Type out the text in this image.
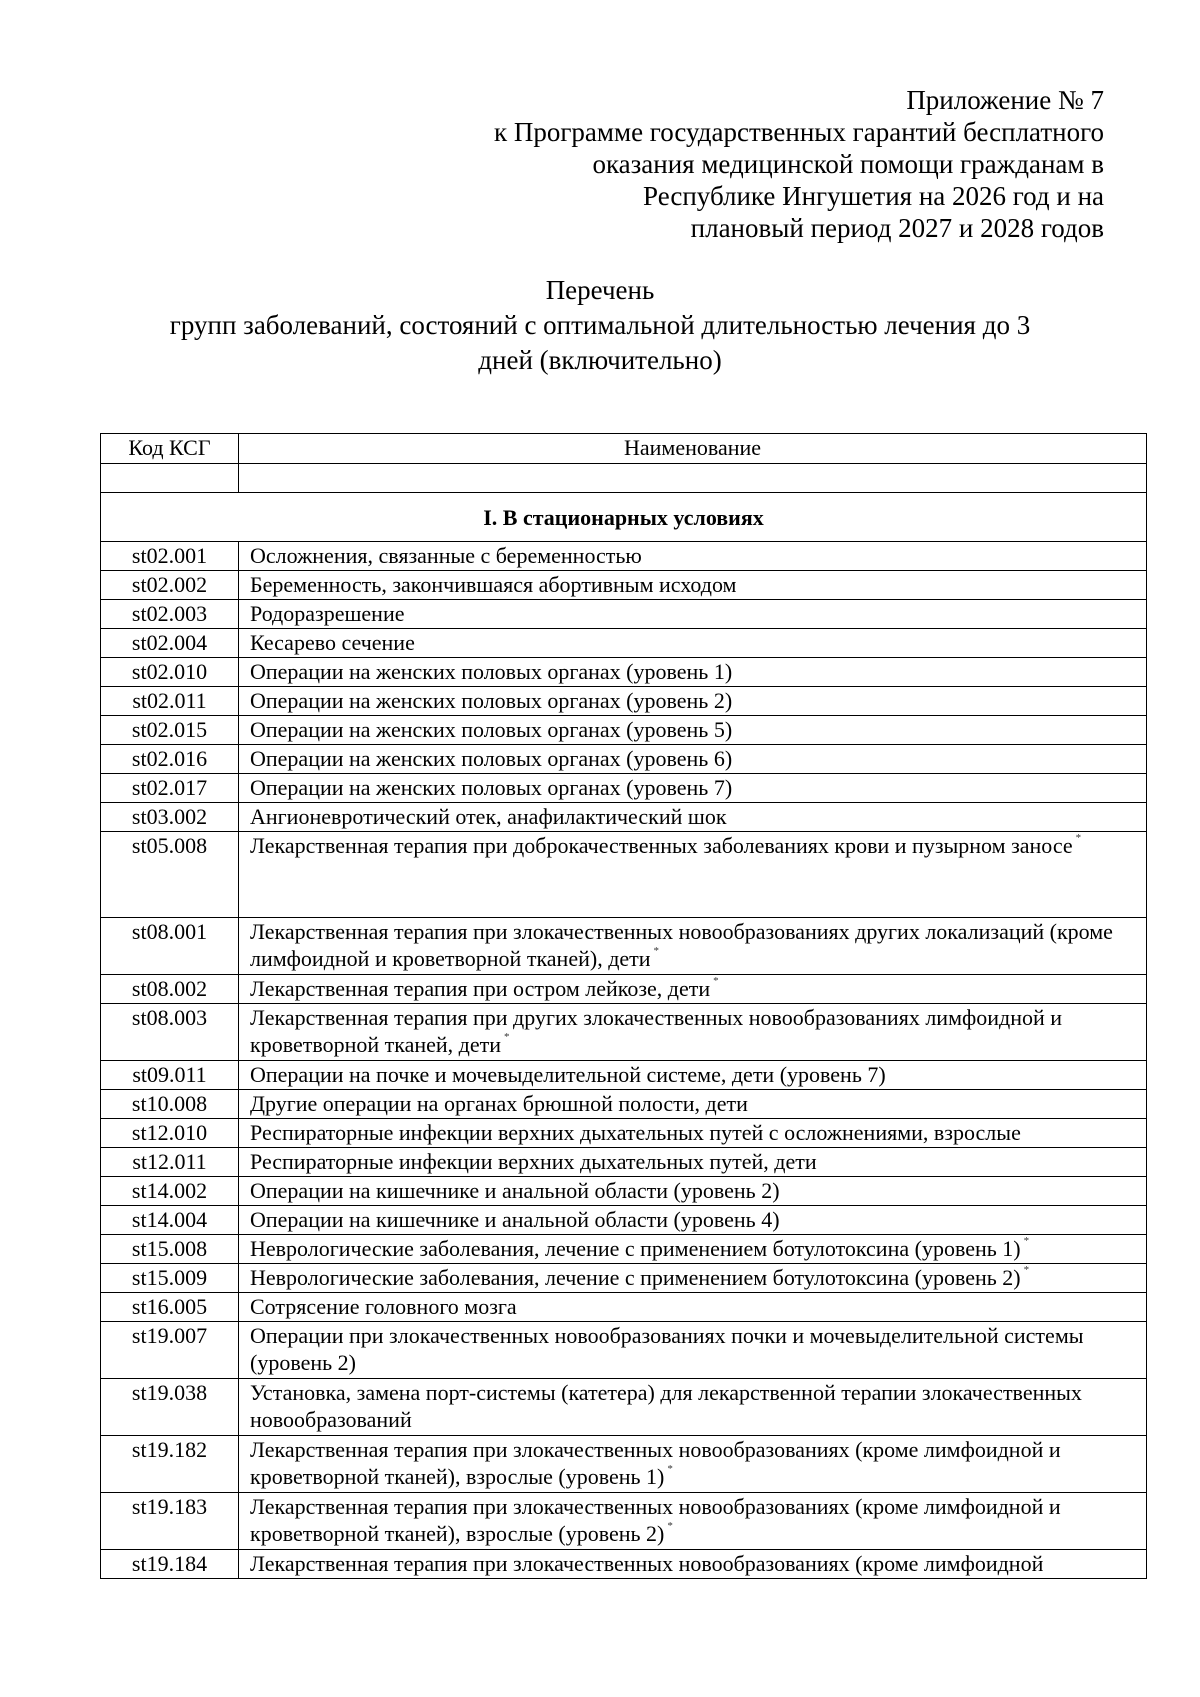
Приложение № 7
к Программе государственных гарантий бесплатного
оказания медицинской помощи гражданам в
Республике Ингушетия на 2026 год и на
плановый период 2027 и 2028 годов
Перечень
групп заболеваний, состояний с оптимальной длительностью лечения до 3
дней (включительно)
Код КСГ	Наименование

I. В стационарных условиях	
st02.001	Осложнения, связанные с беременностью
st02.002	Беременность, закончившаяся абортивным исходом
st02.003	Родоразрешение
st02.004	Кесарево сечение
st02.010	Операции на женских половых органах (уровень 1)
st02.011	Операции на женских половых органах (уровень 2)
st02.015	Операции на женских половых органах (уровень 5)
st02.016	Операции на женских половых органах (уровень 6)
st02.017	Операции на женских половых органах (уровень 7)
st03.002	Ангионевротический отек, анафилактический шок
st05.008	Лекарственная терапия при доброкачественных заболеваниях крови и пузырном заносе *
st08.001	Лекарственная терапия при злокачественных новообразованиях других локализаций (кроме лимфоидной и кроветворной тканей), дети *
st08.002	Лекарственная терапия при остром лейкозе, дети *
st08.003	Лекарственная терапия при других злокачественных новообразованиях лимфоидной и кроветворной тканей, дети *
st09.011	Операции на почке и мочевыделительной системе, дети (уровень 7)
st10.008	Другие операции на органах брюшной полости, дети
st12.010	Респираторные инфекции верхних дыхательных путей с осложнениями, взрослые
st12.011	Респираторные инфекции верхних дыхательных путей, дети
st14.002	Операции на кишечнике и анальной области (уровень 2)
st14.004	Операции на кишечнике и анальной области (уровень 4)
st15.008	Неврологические заболевания, лечение с применением ботулотоксина (уровень 1) *
st15.009	Неврологические заболевания, лечение с применением ботулотоксина (уровень 2) *
st16.005	Сотрясение головного мозга
st19.007	Операции при злокачественных новообразованиях почки и мочевыделительной системы (уровень 2)
st19.038	Установка, замена порт-системы (катетера) для лекарственной терапии злокачественных новообразований
st19.182	Лекарственная терапия при злокачественных новообразованиях (кроме лимфоидной и кроветворной тканей), взрослые (уровень 1) *
st19.183	Лекарственная терапия при злокачественных новообразованиях (кроме лимфоидной и кроветворной тканей), взрослые (уровень 2) *
st19.184	Лекарственная терапия при злокачественных новообразованиях (кроме лимфоидной
